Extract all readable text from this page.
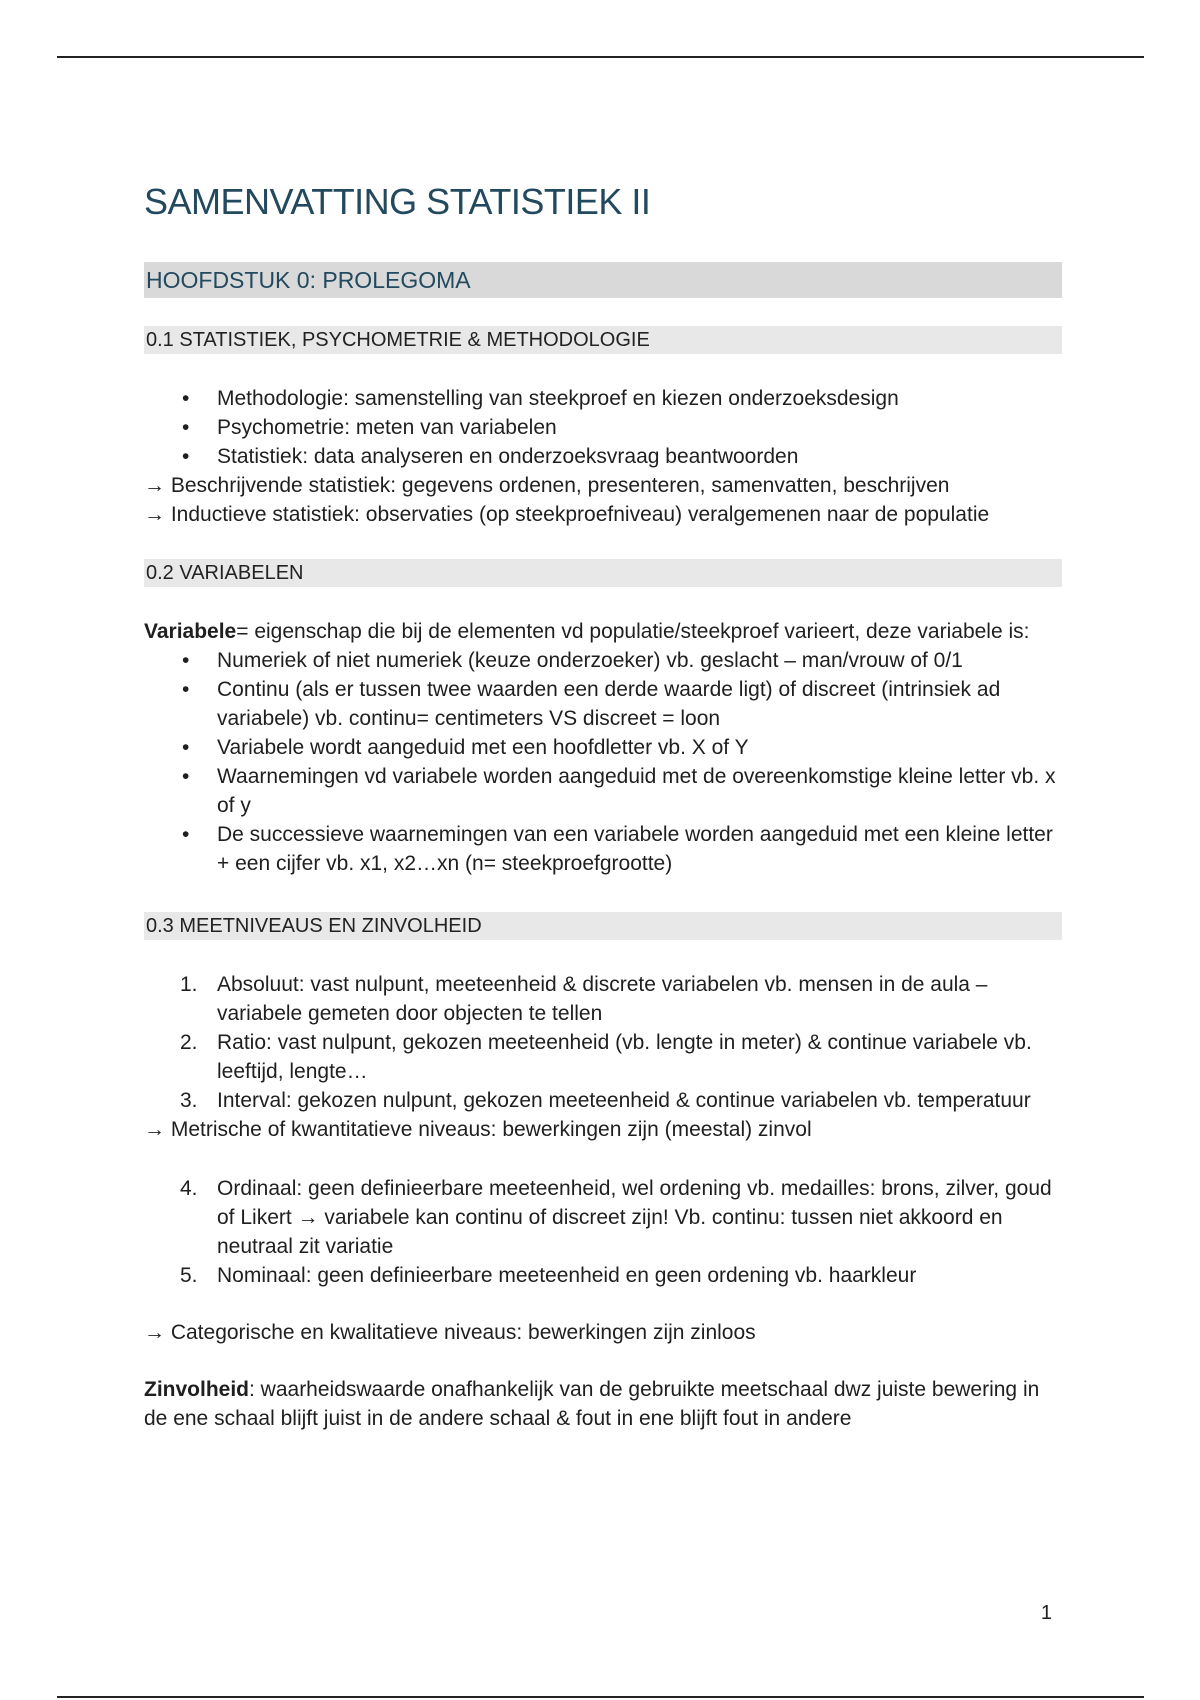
SAMENVATTING STATISTIEK II
HOOFDSTUK 0: PROLEGOMA
0.1 STATISTIEK, PSYCHOMETRIE & METHODOLOGIE
• Methodologie: samenstelling van steekproef en kiezen onderzoeksdesign
• Psychometrie: meten van variabelen
• Statistiek: data analyseren en onderzoeksvraag beantwoorden

→ Beschrijvende statistiek: gegevens ordenen, presenteren, samenvatten, beschrijven

→ Inductieve statistiek: observaties (op steekproefniveau) veralgemenen naar de populatie

0.2 VARIABELEN

Variabele= eigenschap die bij de elementen vd populatie/steekproef varieert, deze variabele is:

• Numeriek of niet numeriek (keuze onderzoeker) vb. geslacht – man/vrouw of 0/1
• Continu (als er tussen twee waarden een derde waarde ligt) of discreet (intrinsiek ad variabele) vb. continu= centimeters VS discreet = loon
• Variabele wordt aangeduid met een hoofdletter vb. X of Y
• Waarnemingen vd variabele worden aangeduid met de overeenkomstige kleine letter vb. x of y
• De successieve waarnemingen van een variabele worden aangeduid met een kleine letter + een cijfer vb. x1, x2…xn (n= steekproefgrootte)
0.3 MEETNIVEAUS EN ZINVOLHEID
1. Absoluut: vast nulpunt, meeteenheid & discrete variabelen vb. mensen in de aula – variabele gemeten door objecten te tellen
2. Ratio: vast nulpunt, gekozen meeteenheid (vb. lengte in meter) & continue variabele vb. leeftijd, lengte…
3. Interval: gekozen nulpunt, gekozen meeteenheid & continue variabelen vb. temperatuur

→ Metrische of kwantitatieve niveaus: bewerkingen zijn (meestal) zinvol

4. Ordinaal: geen definieerbare meeteenheid, wel ordening vb. medailles: brons, zilver, goud of Likert → variabele kan continu of discreet zijn! Vb. continu: tussen niet akkoord en neutraal zit variatie
5. Nominaal: geen definieerbare meeteenheid en geen ordening vb. haarkleur

→ Categorische en kwalitatieve niveaus: bewerkingen zijn zinloos

Zinvolheid: waarheidswaarde onafhankelijk van de gebruikte meetschaal dwz juiste bewering in de ene schaal blijft juist in de andere schaal & fout in ene blijft fout in andere

1
